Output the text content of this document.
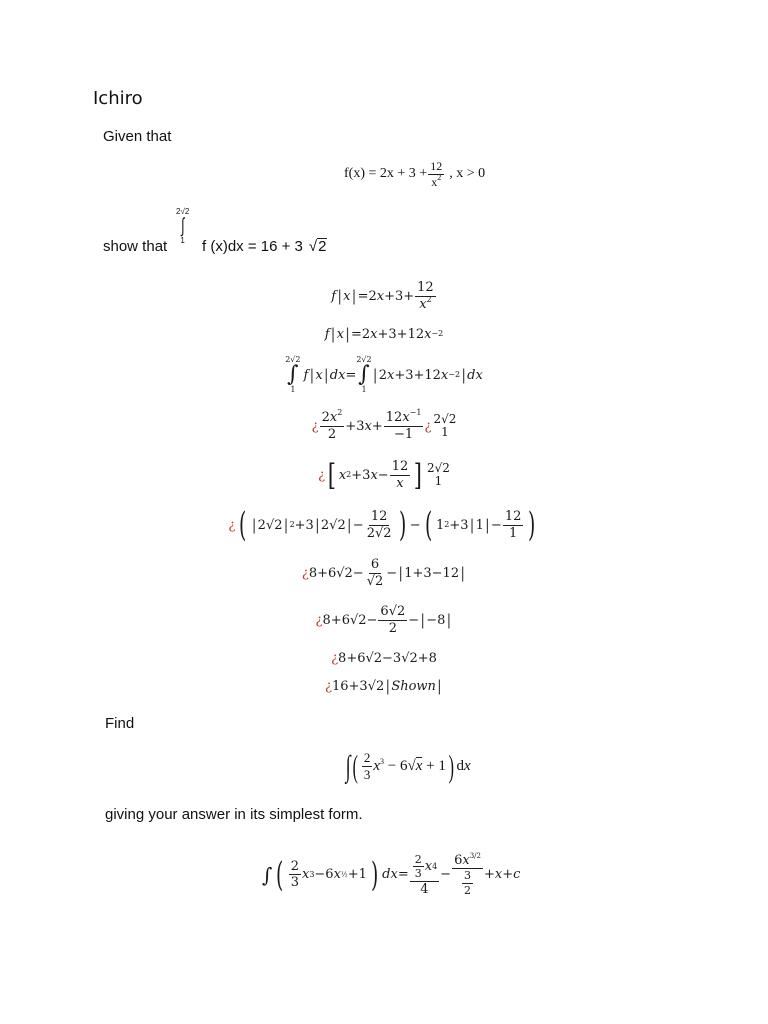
Ichiro
Given that
$f(x) = 2x + 3 + \frac{12}{x^2}$ , x > 0
show that
2√2
∫
1 f (x)dx = 16 + 3 √ 2
f | x | =2 $x +3+ \frac{12}{x^2}$
f | x | =2 x +3+12 x −2
2√2
∫
1
f | x | dx =
2√2
∫
1
| 2 x +3+12 x −2 | dx
¿ $\frac{2x^2}{2} +3$ $x + \frac{12x^{-1}}{-1}$ ¿ 2√2
1
¿ [ x 2 +3 $x - \frac{12}{x}$ ] 2√2
1
¿ ( | 2√2 | 2 +3 | 2√2 | − $\frac{12}{2√2}$ ) − ( 1 2 +3 | 1 | − $\frac{12}{1}$ )
¿ $8+6√2- \frac{6}{√2}$ − | 1+3−12 |
¿ $8+6√2- \frac{6√2}{2}$ − | −8 |
¿ 8+6√2−3√2+8
¿ 16+3√2 | Shown |
Find
∫ ( $\frac{2}{3} x^3 - 6√x + 1$ ) dx
giving your answer in its simplest form.
∫ ( $\frac{2}{3}$ x 3 −6 x ½ +1 ) dx = $\frac{\frac{2}{3} x 4}{4} - \frac{6x^{3/2}}{\frac{3}{2}} + x + c$
